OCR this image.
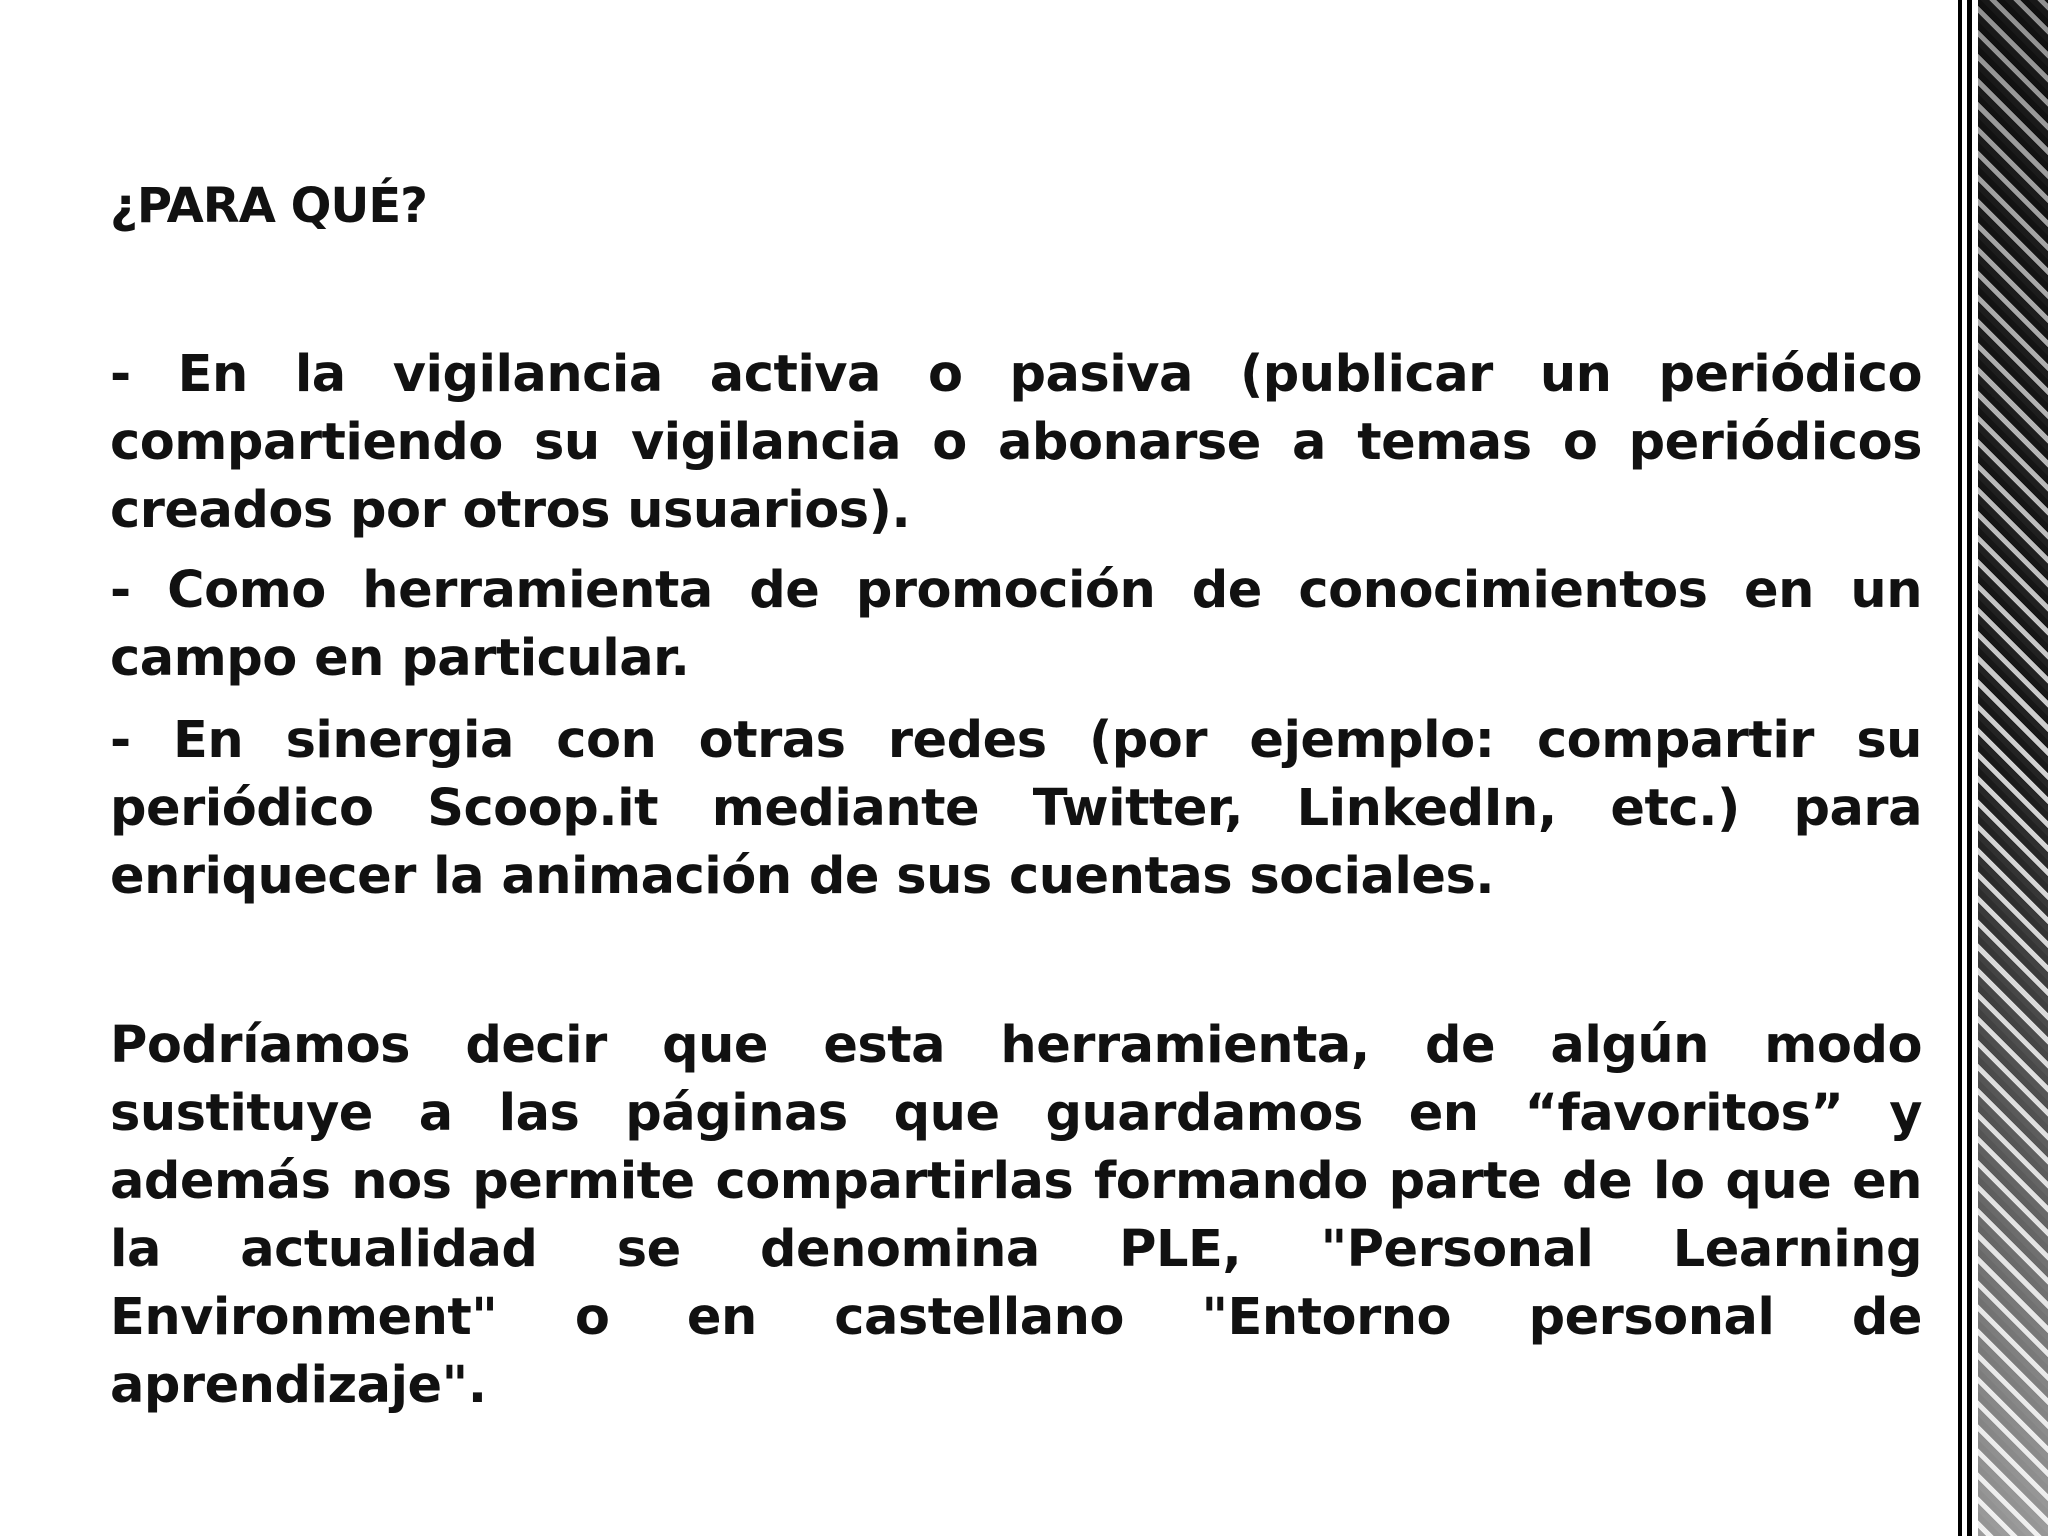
¿PARA QUÉ?

- En la vigilancia activa o pasiva (publicar un periódico compartiendo su vigilancia o abonarse a temas o periódicos creados por otros usuarios).

- Como herramienta de promoción de conocimientos en un campo en particular.

- En sinergia con otras redes (por ejemplo: compartir su periódico Scoop.it mediante Twitter, LinkedIn, etc.) para enriquecer la animación de sus cuentas sociales.

Podríamos decir que esta herramienta, de algún modo sustituye a las páginas que guardamos en “favoritos” y además nos permite compartirlas formando parte de lo que en la actualidad se denomina PLE, "Personal Learning Environment" o en castellano "Entorno personal de aprendizaje".
